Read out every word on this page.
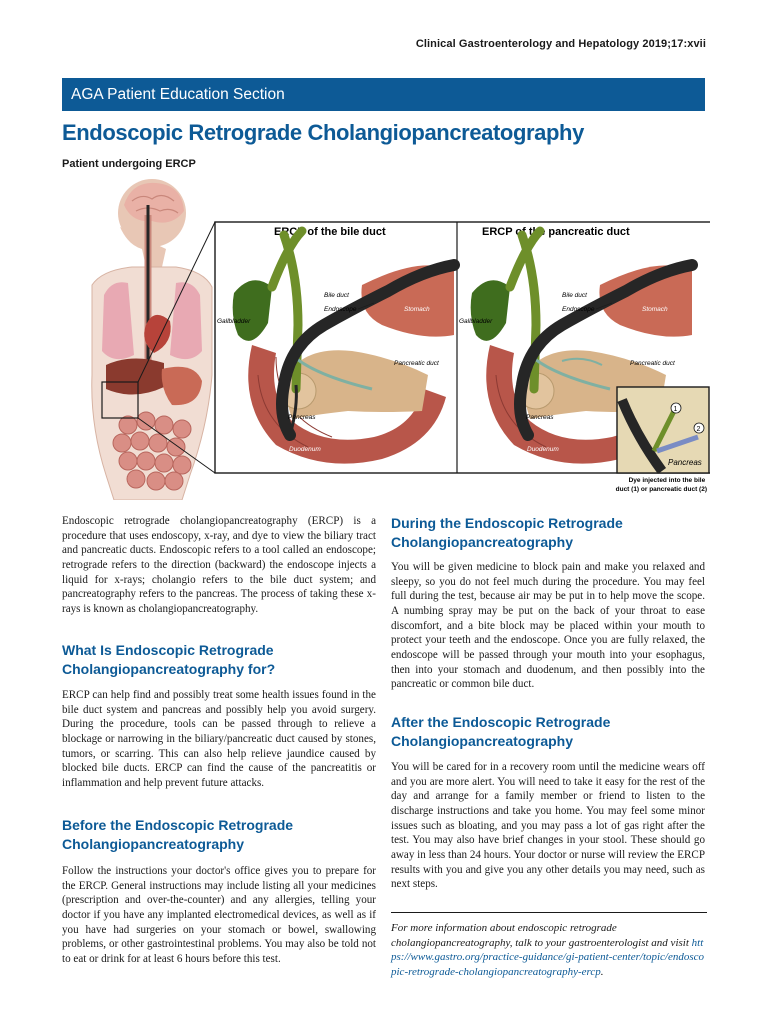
Clinical Gastroenterology and Hepatology 2019;17:xvii
AGA Patient Education Section
Endoscopic Retrograde Cholangiopancreatography
Patient undergoing ERCP
ERCP of the bile duct
Bile duct
Endoscope	Stomach
Gallbladder
Pancreatic duct
Pancreas
Duodenum
ERCP of the pancreatic duct
Bile duct
Endoscope	Stomach
Gallbladder
Pancreatic duct
Pancreas
Duodenum
1
2
Pancreas
Dye injected into the bile duct (1) or pancreatic duct (2)

Endoscopic retrograde cholangiopancreatography (ERCP) is a procedure that uses endoscopy, x-ray, and dye to view the biliary tract and pancreatic ducts. Endoscopic refers to a tool called an endoscope; retrograde refers to the direction (backward) the endoscope injects a liquid for x-rays; cholangio refers to the bile duct system; and pancreatography refers to the pancreas. The process of taking these x-rays is known as cholangiopancreatography.

What Is Endoscopic Retrograde Cholangiopancreatography for?

ERCP can help find and possibly treat some health issues found in the bile duct system and pancreas and possibly help you avoid surgery. During the procedure, tools can be passed through to relieve a blockage or narrowing in the biliary/pancreatic duct caused by stones, tumors, or scarring. This can also help relieve jaundice caused by blocked bile ducts. ERCP can find the cause of the pancreatitis or inflammation and help prevent future attacks.

Before the Endoscopic Retrograde Cholangiopancreatography

Follow the instructions your doctor's office gives you to prepare for the ERCP. General instructions may include listing all your medicines (prescription and over-the-counter) and any allergies, telling your doctor if you have any implanted electromedical devices, as well as if you have had surgeries on your stomach or bowel, swallowing problems, or other gastrointestinal problems. You may also be told not to eat or drink for at least 6 hours before this test.

During the Endoscopic Retrograde Cholangiopancreatography

You will be given medicine to block pain and make you relaxed and sleepy, so you do not feel much during the procedure. You may feel full during the test, because air may be put in to help move the scope. A numbing spray may be put on the back of your throat to ease discomfort, and a bite block may be placed within your mouth to protect your teeth and the endoscope. Once you are fully relaxed, the endoscope will be passed through your mouth into your esophagus, then into your stomach and duodenum, and then possibly into the pancreatic or common bile duct.

After the Endoscopic Retrograde Cholangiopancreatography

You will be cared for in a recovery room until the medicine wears off and you are more alert. You will need to take it easy for the rest of the day and arrange for a family member or friend to listen to the discharge instructions and take you home. You may feel some minor issues such as bloating, and you may pass a lot of gas right after the test. You may also have brief changes in your stool. These should go away in less than 24 hours. Your doctor or nurse will review the ERCP results with you and give you any other details you may need, such as next steps.

For more information about endoscopic retrograde cholangiopancreatography, talk to your gastroenterologist and visit https://www.gastro.org/practice-guidance/gi-patient-center/topic/endoscopic-retrograde-cholangiopancreatography-ercp.
